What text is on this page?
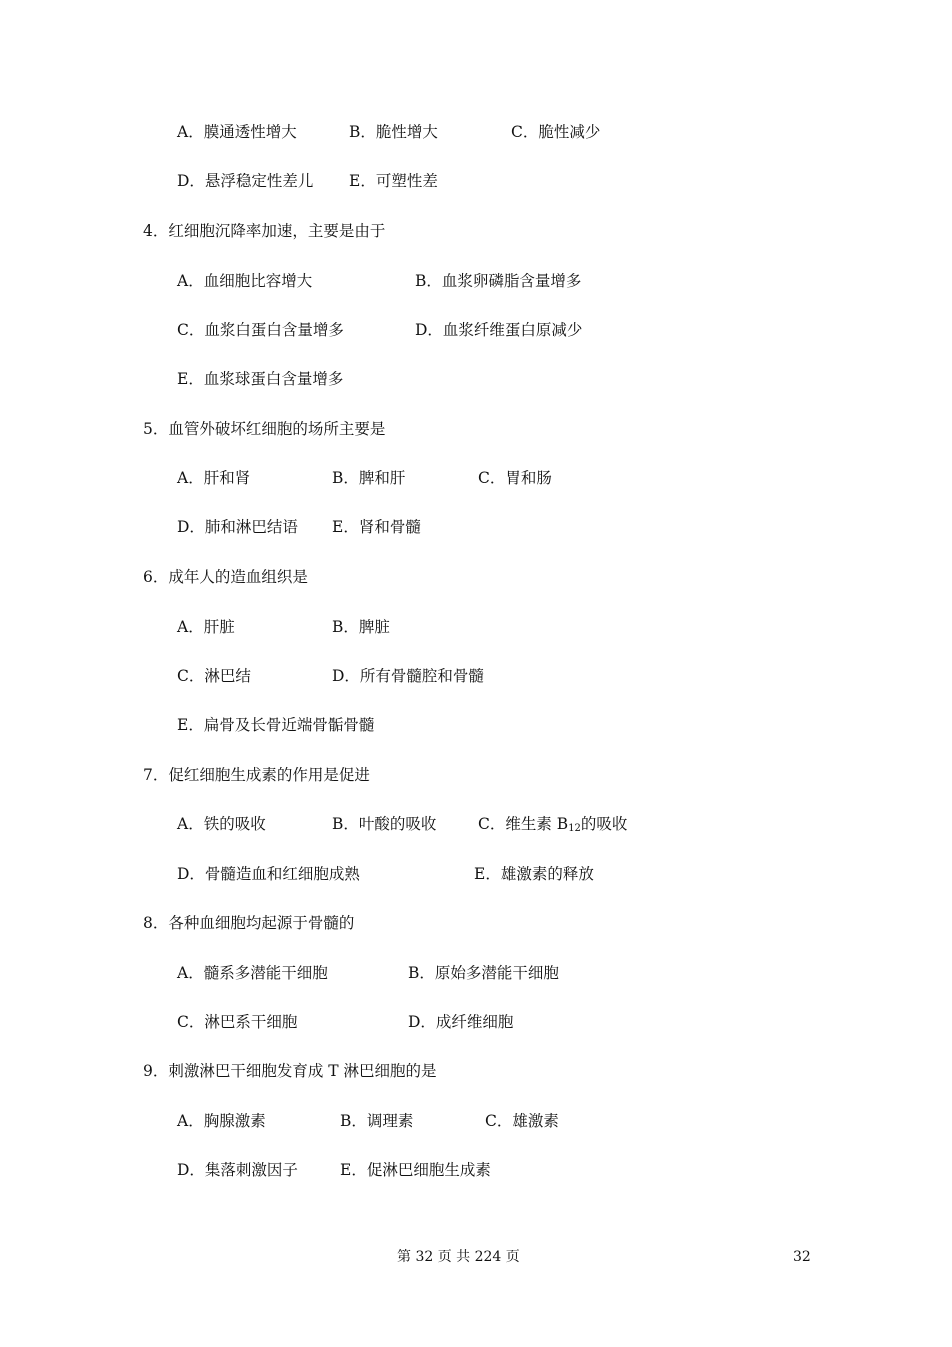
A．膜通透性增大	B．脆性增大	C．脆性减少
D．悬浮稳定性差儿 E．可塑性差
4．红细胞沉降率加速，主要是由于
A．血细胞比容增大	B．血浆卵磷脂含量增多
C．血浆白蛋白含量增多	D．血浆纤维蛋白原减少
E．血浆球蛋白含量增多
5．血管外破坏红细胞的场所主要是
A．肝和肾	B．脾和肝	C．胃和肠
D．肺和淋巴结语 E．肾和骨髓
6．成年人的造血组织是
A．肝脏	B．脾脏
C．淋巴结	D．所有骨髓腔和骨髓
E．扁骨及长骨近端骨骺骨髓
7．促红细胞生成素的作用是促进
A．铁的吸收	B．叶酸的吸收	C．维生素 $B_{12}$的吸收
D．骨髓造血和红细胞成熟	E．雄激素的释放
8．各种血细胞均起源于骨髓的
A．髓系多潜能干细胞	B．原始多潜能干细胞
C．淋巴系干细胞	D．成纤维细胞
9．刺激淋巴干细胞发育成 T 淋巴细胞的是
A．胸腺激素	B．调理素	C．雄激素
D．集落刺激因子	E．促淋巴细胞生成素
第 32 页 共 224 页	32
